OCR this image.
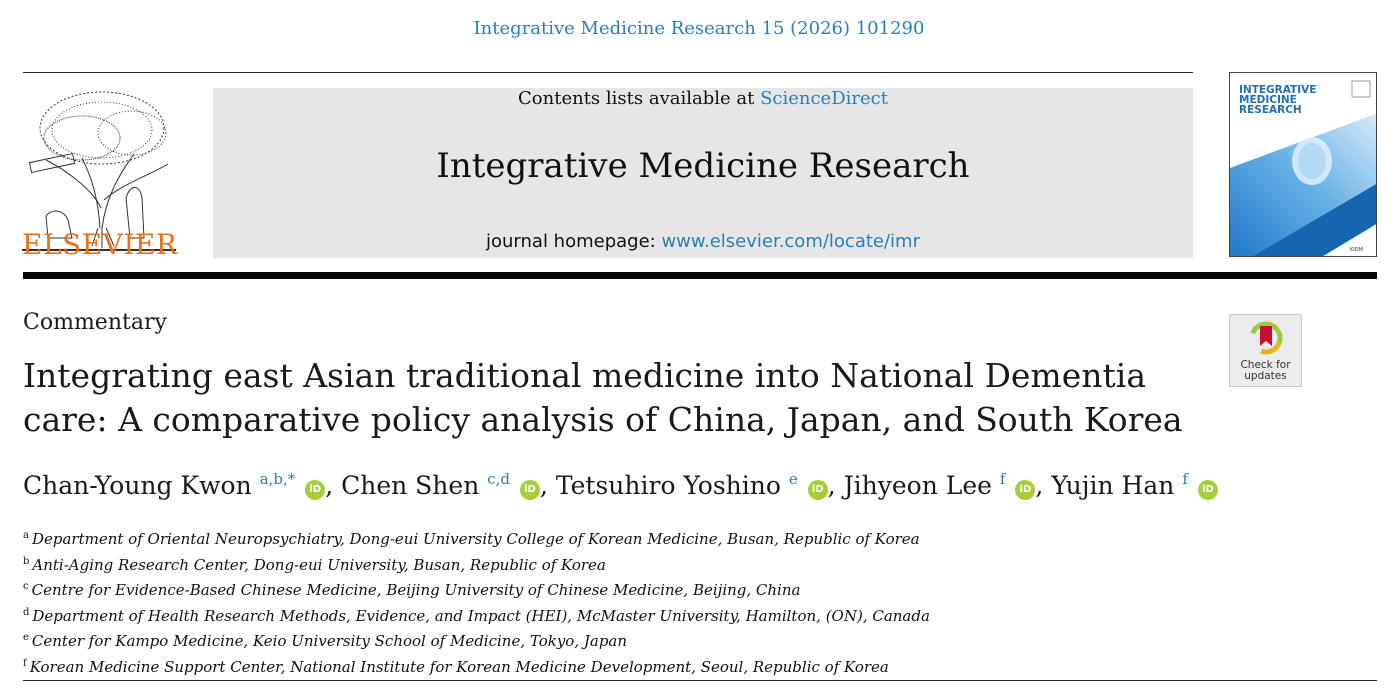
Integrative Medicine Research 15 (2026) 101290
ELSEVIER
Contents lists available at ScienceDirect
Integrative Medicine Research
journal homepage: www.elsevier.com/locate/imr	KIOM
INTEGRATIVE
MEDICINE
RESEARCH
Commentary
Check for
updates
Integrating east Asian traditional medicine into National Dementia care: A comparative policy analysis of China, Japan, and South Korea
Chan-Young Kwon $^{a,b,*}$ iD , Chen Shen $^{c,d}$ iD , Tetsuhiro Yoshino $^e$ iD , Jihyeon Lee $^f$ iD , Yujin Han $^f$ iD
$^a$ Department of Oriental Neuropsychiatry, Dong-eui University College of Korean Medicine, Busan, Republic of Korea
$^b$ Anti-Aging Research Center, Dong-eui University, Busan, Republic of Korea
$^c$ Centre for Evidence-Based Chinese Medicine, Beijing University of Chinese Medicine, Beijing, China
$^d$ Department of Health Research Methods, Evidence, and Impact (HEI), McMaster University, Hamilton, (ON), Canada
$^e$ Center for Kampo Medicine, Keio University School of Medicine, Tokyo, Japan
$^f$ Korean Medicine Support Center, National Institute for Korean Medicine Development, Seoul, Republic of Korea
